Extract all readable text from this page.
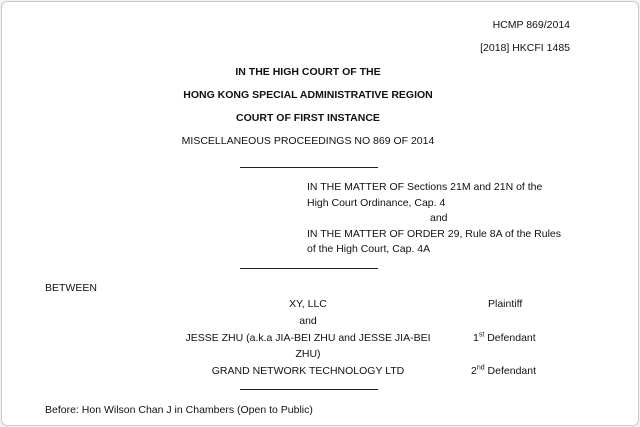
HCMP 869/2014
[2018] HKCFI 1485
IN THE HIGH COURT OF THE
HONG KONG SPECIAL ADMINISTRATIVE REGION
COURT OF FIRST INSTANCE
MISCELLANEOUS PROCEEDINGS NO 869 OF 2014
IN THE MATTER OF Sections 21M and 21N of the
High Court Ordinance, Cap. 4
and
IN THE MATTER OF ORDER 29, Rule 8A of the Rules
of the High Court, Cap. 4A
BETWEEN
XY, LLC	Plaintiff
and
JESSE ZHU (a.k.a JIA-BEI ZHU and JESSE JIA-BEI
ZHU)
1st Defendant
GRAND NETWORK TECHNOLOGY LTD	2nd Defendant
Before: Hon Wilson Chan J in Chambers (Open to Public)
